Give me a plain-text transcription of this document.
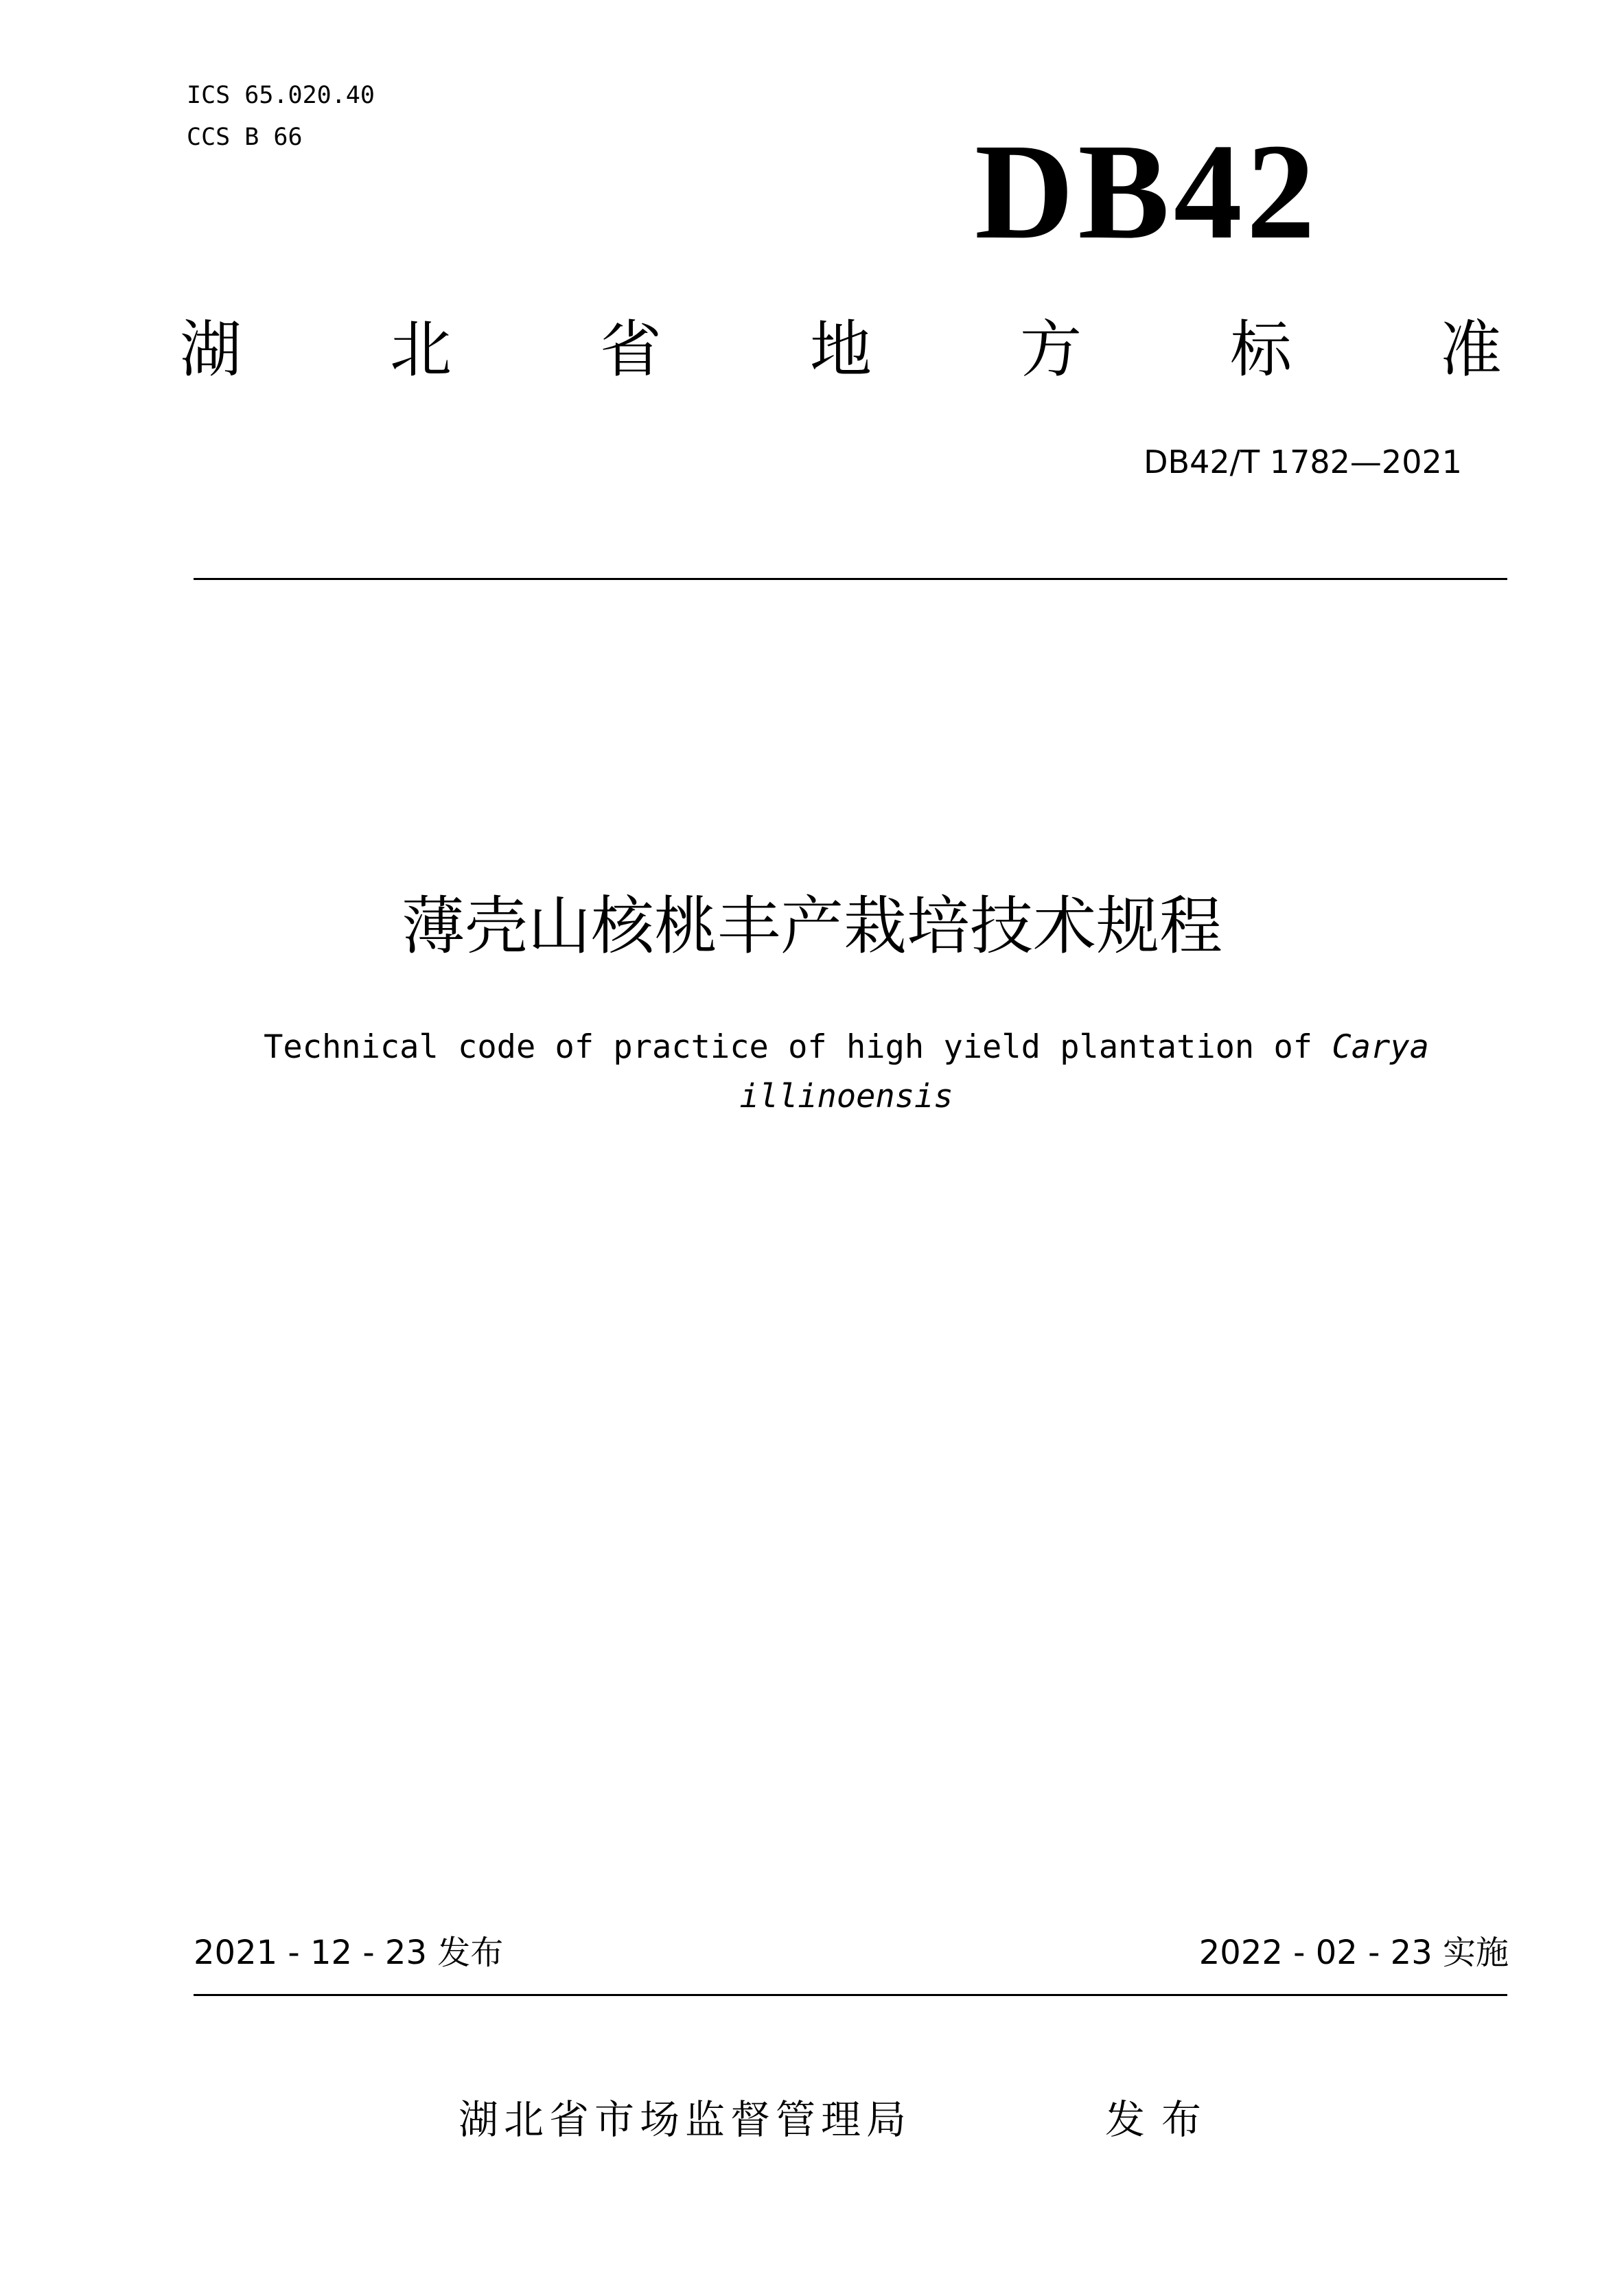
ICS 65.020.40
CCS B 66	DB42
湖 北 省 地 方 标 准
DB42/T 1782—2021
薄壳山核桃丰产栽培技术规程
Technical code of practice of high yield plantation of Carya illinoensis
2021 - 12 - 23 发布	2022 - 02 - 23 实施
湖北省市场监督管理局	发布
